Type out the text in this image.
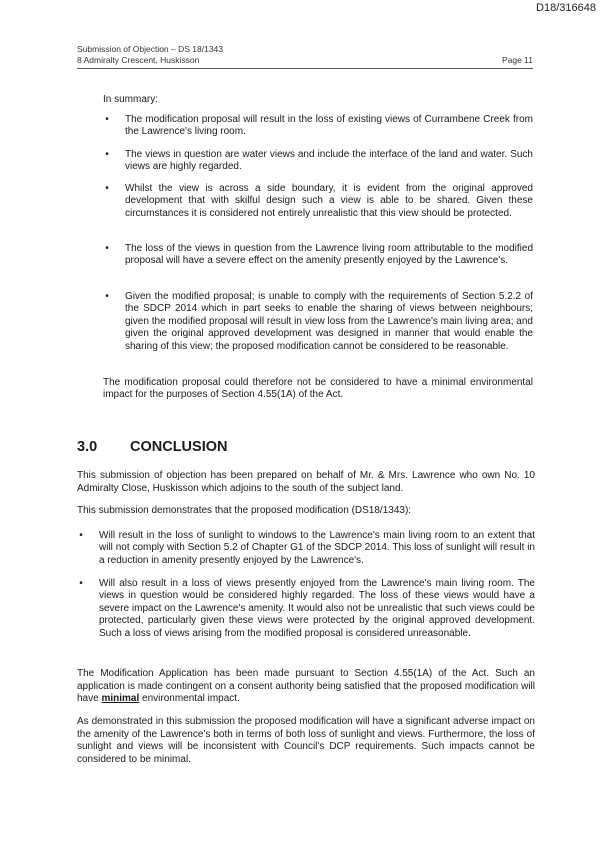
D18/316648
Submission of Objection – DS 18/1343
8 Admiralty Crescent, Huskisson	Page 11
In summary:
• The modification proposal will result in the loss of existing views of Currambene Creek from the Lawrence's living room.
• The views in question are water views and include the interface of the land and water. Such views are highly regarded.
• Whilst the view is across a side boundary, it is evident from the original approved development that with skilful design such a view is able to be shared. Given these circumstances it is considered not entirely unrealistic that this view should be protected.
• The loss of the views in question from the Lawrence living room attributable to the modified proposal will have a severe effect on the amenity presently enjoyed by the Lawrence's.
• Given the modified proposal; is unable to comply with the requirements of Section 5.2.2 of the SDCP 2014 which in part seeks to enable the sharing of views between neighbours; given the modified proposal will result in view loss from the Lawrence's main living area; and given the original approved development was designed in manner that would enable the sharing of this view; the proposed modification cannot be considered to be reasonable.
The modification proposal could therefore not be considered to have a minimal environmental impact for the purposes of Section 4.55(1A) of the Act.
3.0 CONCLUSION
This submission of objection has been prepared on behalf of Mr. & Mrs. Lawrence who own No. 10 Admiralty Close, Huskisson which adjoins to the south of the subject land.
This submission demonstrates that the proposed modification (DS18/1343):
• Will result in the loss of sunlight to windows to the Lawrence's main living room to an extent that will not comply with Section 5.2 of Chapter G1 of the SDCP 2014. This loss of sunlight will result in a reduction in amenity presently enjoyed by the Lawrence's.
• Will also result in a loss of views presently enjoyed from the Lawrence's main living room. The views in question would be considered highly regarded. The loss of these views would have a severe impact on the Lawrence's amenity. It would also not be unrealistic that such views could be protected, particularly given these views were protected by the original approved development. Such a loss of views arising from the modified proposal is considered unreasonable.
The Modification Application has been made pursuant to Section 4.55(1A) of the Act. Such an application is made contingent on a consent authority being satisfied that the proposed modification will have minimal environmental impact.
As demonstrated in this submission the proposed modification will have a significant adverse impact on the amenity of the Lawrence's both in terms of both loss of sunlight and views. Furthermore, the loss of sunlight and views will be inconsistent with Council's DCP requirements. Such impacts cannot be considered to be minimal.
